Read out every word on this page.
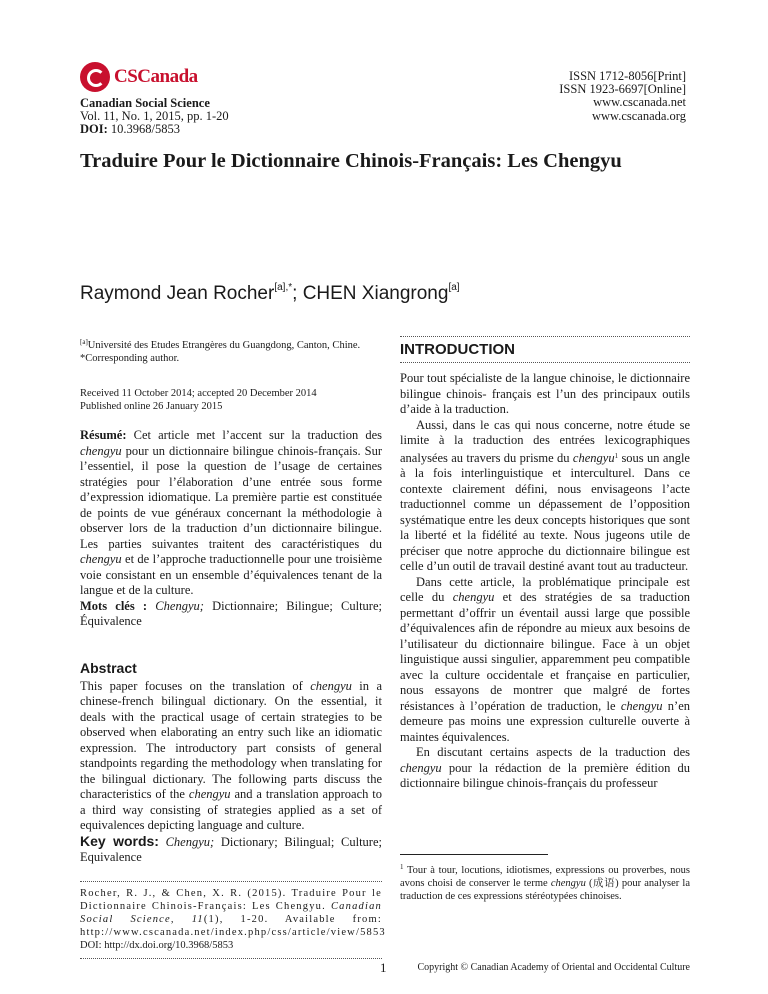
CSCanada
Canadian Social Science
Vol. 11, No. 1, 2015, pp. 1-20
DOI: 10.3968/5853
ISSN 1712-8056[Print]
ISSN 1923-6697[Online]
www.cscanada.net
www.cscanada.org
Traduire Pour le Dictionnaire Chinois-Français: Les Chengyu

Raymond Jean Rocher$^{[a],*}$; CHEN Xiangrong[a]

[a]Université des Etudes Etrangères du Guangdong, Canton, Chine.
*Corresponding author.
Received 11 October 2014; accepted 20 December 2014
Published online 26 January 2015
Résumé: Cet article met l’accent sur la traduction des chengyu pour un dictionnaire bilingue chinois-français. Sur l’essentiel, il pose la question de l’usage de certaines stratégies pour l’élaboration d’une entrée sous forme d’expression idiomatique. La première partie est constituée de points de vue généraux concernant la méthodologie à observer lors de la traduction d’un dictionnaire bilingue. Les parties suivantes traitent des caractéristiques du chengyu et de l’approche traductionnelle pour une troisième voie consistant en un ensemble d’équivalences tenant de la langue et de la culture.
Mots clés : Chengyu; Dictionnaire; Bilingue; Culture; Équivalence
Abstract
This paper focuses on the translation of chengyu in a chinese-french bilingual dictionary. On the essential, it deals with the practical usage of certain strategies to be observed when elaborating an entry such like an idiomatic expression. The introductory part consists of general standpoints regarding the methodology when translating for the bilingual dictionary. The following parts discuss the characteristics of the chengyu and a translation approach to a third way consisting of strategies applied as a set of equivalences depicting language and culture.
Key words: Chengyu; Dictionary; Bilingual; Culture; Equivalence
Rocher, R. J., & Chen, X. R. (2015). Traduire Pour le Dictionnaire Chinois-Français: Les Chengyu. Canadian Social Science, 11(1), 1-20. Available from: http://www.cscanada.net/index.php/css/article/view/5853
DOI: http://dx.doi.org/10.3968/5853
INTRODUCTION

Pour tout spécialiste de la langue chinoise, le dictionnaire bilingue chinois- français est l’un des principaux outils d’aide à la traduction.

Aussi, dans le cas qui nous concerne, notre étude se limite à la traduction des entrées lexicographiques analysées au travers du prisme du chengyu$^1$ sous un angle à la fois interlinguistique et interculturel. Dans ce contexte clairement défini, nous envisageons l’acte traductionnel comme un dépassement de l’opposition systématique entre les deux concepts historiques que sont la liberté et la fidélité au texte. Nous jugeons utile de préciser que notre approche du dictionnaire bilingue est celle d’un outil de travail destiné avant tout au traducteur.

Dans cette article, la problématique principale est celle du chengyu et des stratégies de sa traduction permettant d’offrir un éventail aussi large que possible d’équivalences afin de répondre au mieux aux besoins de l’utilisateur du dictionnaire bilingue. Face à un objet linguistique aussi singulier, apparemment peu compatible avec la culture occidentale et française en particulier, nous essayons de montrer que malgré de fortes résistances à l’opération de traduction, le chengyu n’en demeure pas moins une expression culturelle ouverte à maintes équivalences.

En discutant certains aspects de la traduction des chengyu pour la rédaction de la première édition du dictionnaire bilingue chinois-français du professeur

$^1$ Tour à tour, locutions, idiotismes, expressions ou proverbes, nous avons choisi de conserver le terme chengyu (成语) pour analyser la traduction de ces expressions stéréotypées chinoises.
1	Copyright © Canadian Academy of Oriental and Occidental Culture
